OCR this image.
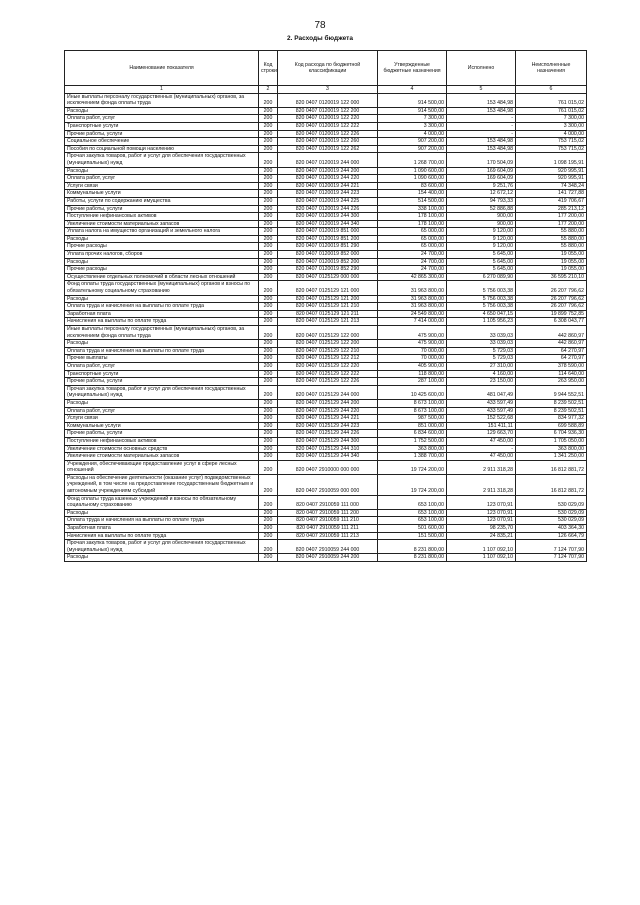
78
2. Расходы бюджета
Наименование показателя	Код строки	Код расхода по бюджетной классификации	Утвержденные бюджетные назначения	Исполнено	Неисполненные назначения
1	2	3	4	5	6
Иные выплаты персоналу государственных (муниципальных) органов, за исключением фонда оплаты труда	200	820 0407 0120019 122 000	914 500,00	153 484,98	761 015,02
Расходы	200	820 0407 0120019 122 200	914 500,00	153 484,98	761 015,02
Оплата работ, услуг	200	820 0407 0120019 122 220	7 300,00	-	7 300,00
Транспортные услуги	200	820 0407 0120019 122 222	3 300,00	-	3 300,00
Прочие работы, услуги	200	820 0407 0120019 122 226	4 000,00	-	4 000,00
Социальное обеспечение	200	820 0407 0120019 122 260	907 200,00	153 484,98	753 715,02
Пособия по социальной помощи населению	200	820 0407 0120019 122 262	907 200,00	153 484,98	753 715,02
Прочая закупка товаров, работ и услуг для обеспечения государственных (муниципальных) нужд	200	820 0407 0120019 244 000	1 268 700,00	170 504,09	1 098 195,91
Расходы	200	820 0407 0120019 244 200	1 090 600,00	169 604,09	920 995,91
Оплата работ, услуг	200	820 0407 0120019 244 220	1 090 600,00	169 604,09	920 995,91
Услуги связи	200	820 0407 0120019 244 221	83 600,00	9 251,76	74 348,24
Коммунальные услуги	200	820 0407 0120019 244 223	154 400,00	12 672,12	141 727,88
Работы, услуги по содержанию имущества	200	820 0407 0120019 244 225	514 500,00	94 793,33	419 706,67
Прочие работы, услуги	200	820 0407 0120019 244 226	338 100,00	52 886,88	285 213,12
Поступление нефинансовых активов	200	820 0407 0120019 244 300	178 100,00	900,00	177 200,00
Увеличение стоимости материальных запасов	200	820 0407 0120019 244 340	178 100,00	900,00	177 200,00
Уплата налога на имущество организаций и земельного налога	200	820 0407 0120019 851 000	65 000,00	9 120,00	55 880,00
Расходы	200	820 0407 0120019 851 200	65 000,00	9 120,00	55 880,00
Прочие расходы	200	820 0407 0120019 851 290	65 000,00	9 120,00	55 880,00
Уплата прочих налогов, сборов	200	820 0407 0120019 852 000	24 700,00	5 645,00	19 055,00
Расходы	200	820 0407 0120019 852 200	24 700,00	5 645,00	19 055,00
Прочие расходы	200	820 0407 0120019 852 290	24 700,00	5 645,00	19 055,00
Осуществление отдельных полномочий в области лесных отношений	200	820 0407 0125129 000 000	42 865 300,00	6 270 089,90	36 595 210,10
Фонд оплаты труда государственных (муниципальных) органов и взносы по обязательному социальному страхованию	200	820 0407 0125129 121 000	31 963 800,00	5 756 003,38	26 207 796,62
Расходы	200	820 0407 0125129 121 200	31 963 800,00	5 756 003,38	26 207 796,62
Оплата труда и начисления на выплаты по оплате труда	200	820 0407 0125129 121 210	31 963 800,00	5 756 003,38	26 207 796,62
Заработная плата	200	820 0407 0125129 121 211	24 549 800,00	4 650 047,15	19 899 752,85
Начисления на выплаты по оплате труда	200	820 0407 0125129 121 213	7 414 000,00	1 105 956,23	6 308 043,77
Иные выплаты персоналу государственных (муниципальных) органов, за исключением фонда оплаты труда	200	820 0407 0125129 122 000	475 900,00	33 039,03	442 860,97
Расходы	200	820 0407 0125129 122 200	475 900,00	33 039,03	442 860,97
Оплата труда и начисления на выплаты по оплате труда	200	820 0407 0125129 122 210	70 000,00	5 729,03	64 270,97
Прочие выплаты	200	820 0407 0125129 122 212	70 000,00	5 729,03	64 270,97
Оплата работ, услуг	200	820 0407 0125129 122 220	405 900,00	27 310,00	378 590,00
Транспортные услуги	200	820 0407 0125129 122 222	118 800,00	4 160,00	114 640,00
Прочие работы, услуги	200	820 0407 0125129 122 226	287 100,00	23 150,00	263 950,00
Прочая закупка товаров, работ и услуг для обеспечения государственных (муниципальных) нужд	200	820 0407 0125129 244 000	10 425 600,00	481 047,49	9 944 552,51
Расходы	200	820 0407 0125129 244 200	8 673 100,00	433 597,49	8 239 502,51
Оплата работ, услуг	200	820 0407 0125129 244 220	8 673 100,00	433 597,49	8 239 502,51
Услуги связи	200	820 0407 0125129 244 221	987 500,00	152 522,68	834 977,32
Коммунальные услуги	200	820 0407 0125129 244 223	851 000,00	151 411,11	699 588,89
Прочие работы, услуги	200	820 0407 0125129 244 226	6 834 600,00	129 663,70	6 704 936,30
Поступление нефинансовых активов	200	820 0407 0125129 244 300	1 752 500,00	47 450,00	1 705 050,00
Увеличение стоимости основных средств	200	820 0407 0125129 244 310	363 800,00	-	363 800,00
Увеличение стоимости материальных запасов	200	820 0407 0125129 244 340	1 388 700,00	47 450,00	1 341 250,00
Учреждения, обеспечивающие предоставление услуг в сфере лесных отношений	200	820 0407 2910000 000 000	19 724 200,00	2 911 318,28	16 812 881,72
Расходы на обеспечение деятельности (оказание услуг) подведомственных учреждений, в том числе на предоставление государственным бюджетным и автономным учреждениям субсидий	200	820 0407 2910059 000 000	19 724 200,00	2 911 318,28	16 812 881,72
Фонд оплаты труда казенных учреждений и взносы по обязательному социальному страхованию	200	820 0407 2910059 111 000	653 100,00	123 070,91	530 029,09
Расходы	200	820 0407 2910059 111 200	653 100,00	123 070,91	530 029,09
Оплата труда и начисления на выплаты по оплате труда	200	820 0407 2910059 111 210	653 100,00	123 070,91	530 029,09
Заработная плата	200	820 0407 2910059 111 211	501 600,00	98 235,70	403 364,30
Начисления на выплаты по оплате труда	200	820 0407 2910059 111 213	151 500,00	24 835,21	126 664,79
Прочая закупка товаров, работ и услуг для обеспечения государственных (муниципальных) нужд	200	820 0407 2910059 244 000	8 231 800,00	1 107 092,10	7 124 707,90
Расходы	200	820 0407 2910059 244 200	8 231 800,00	1 107 092,10	7 124 707,90
